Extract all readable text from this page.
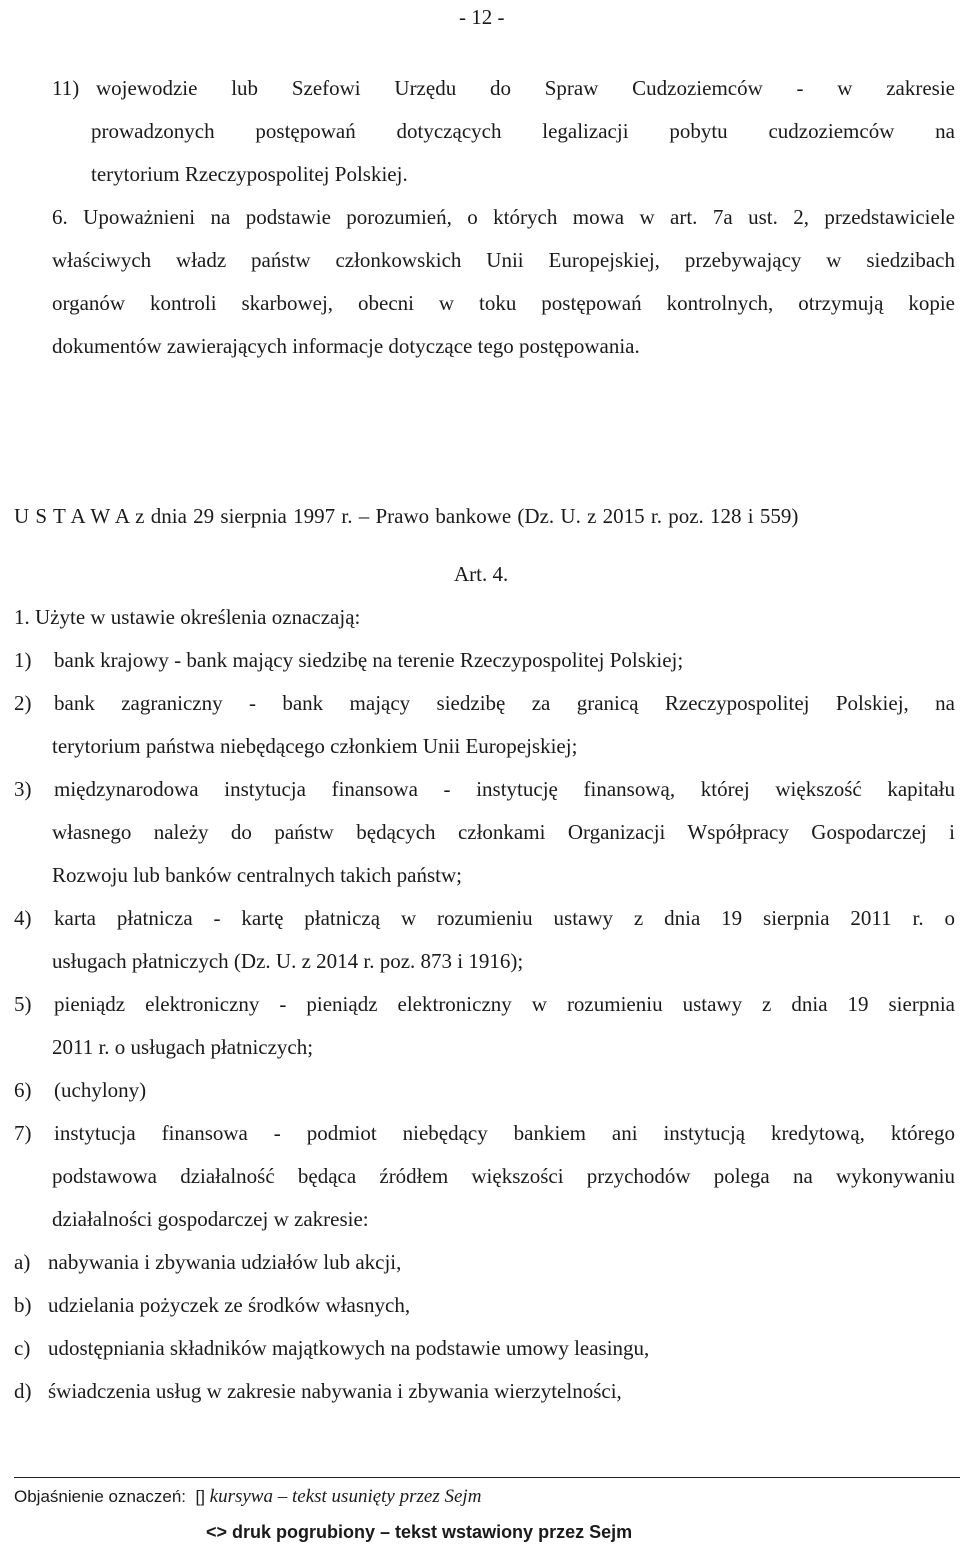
- 12 -
11) wojewodzie lub Szefowi Urzędu do Spraw Cudzoziemców - w zakresie
prowadzonych postępowań dotyczących legalizacji pobytu cudzoziemców na
terytorium Rzeczypospolitej Polskiej.
6. Upoważnieni na podstawie porozumień, o których mowa w art. 7a ust. 2, przedstawiciele
właściwych władz państw członkowskich Unii Europejskiej, przebywający w siedzibach
organów kontroli skarbowej, obecni w toku postępowań kontrolnych, otrzymują kopie
dokumentów zawierających informacje dotyczące tego postępowania.
U S T A W A z dnia 29 sierpnia 1997 r. – Prawo bankowe (Dz. U. z 2015 r. poz. 128 i 559)
Art. 4.
1. Użyte w ustawie określenia oznaczają:
1) bank krajowy - bank mający siedzibę na terenie Rzeczypospolitej Polskiej;
2) bank zagraniczny - bank mający siedzibę za granicą Rzeczypospolitej Polskiej, na
terytorium państwa niebędącego członkiem Unii Europejskiej;
3) międzynarodowa instytucja finansowa - instytucję finansową, której większość kapitału
własnego należy do państw będących członkami Organizacji Współpracy Gospodarczej i
Rozwoju lub banków centralnych takich państw;
4) karta płatnicza - kartę płatniczą w rozumieniu ustawy z dnia 19 sierpnia 2011 r. o
usługach płatniczych (Dz. U. z 2014 r. poz. 873 i 1916);
5) pieniądz elektroniczny - pieniądz elektroniczny w rozumieniu ustawy z dnia 19 sierpnia
2011 r. o usługach płatniczych;
6) (uchylony)
7) instytucja finansowa - podmiot niebędący bankiem ani instytucją kredytową, którego
podstawowa działalność będąca źródłem większości przychodów polega na wykonywaniu
działalności gospodarczej w zakresie:
a) nabywania i zbywania udziałów lub akcji,
b) udzielania pożyczek ze środków własnych,
c) udostępniania składników majątkowych na podstawie umowy leasingu,
d) świadczenia usług w zakresie nabywania i zbywania wierzytelności,
Objaśnienie oznaczeń: [] kursywa – tekst usunięty przez Sejm
<> druk pogrubiony – tekst wstawiony przez Sejm
